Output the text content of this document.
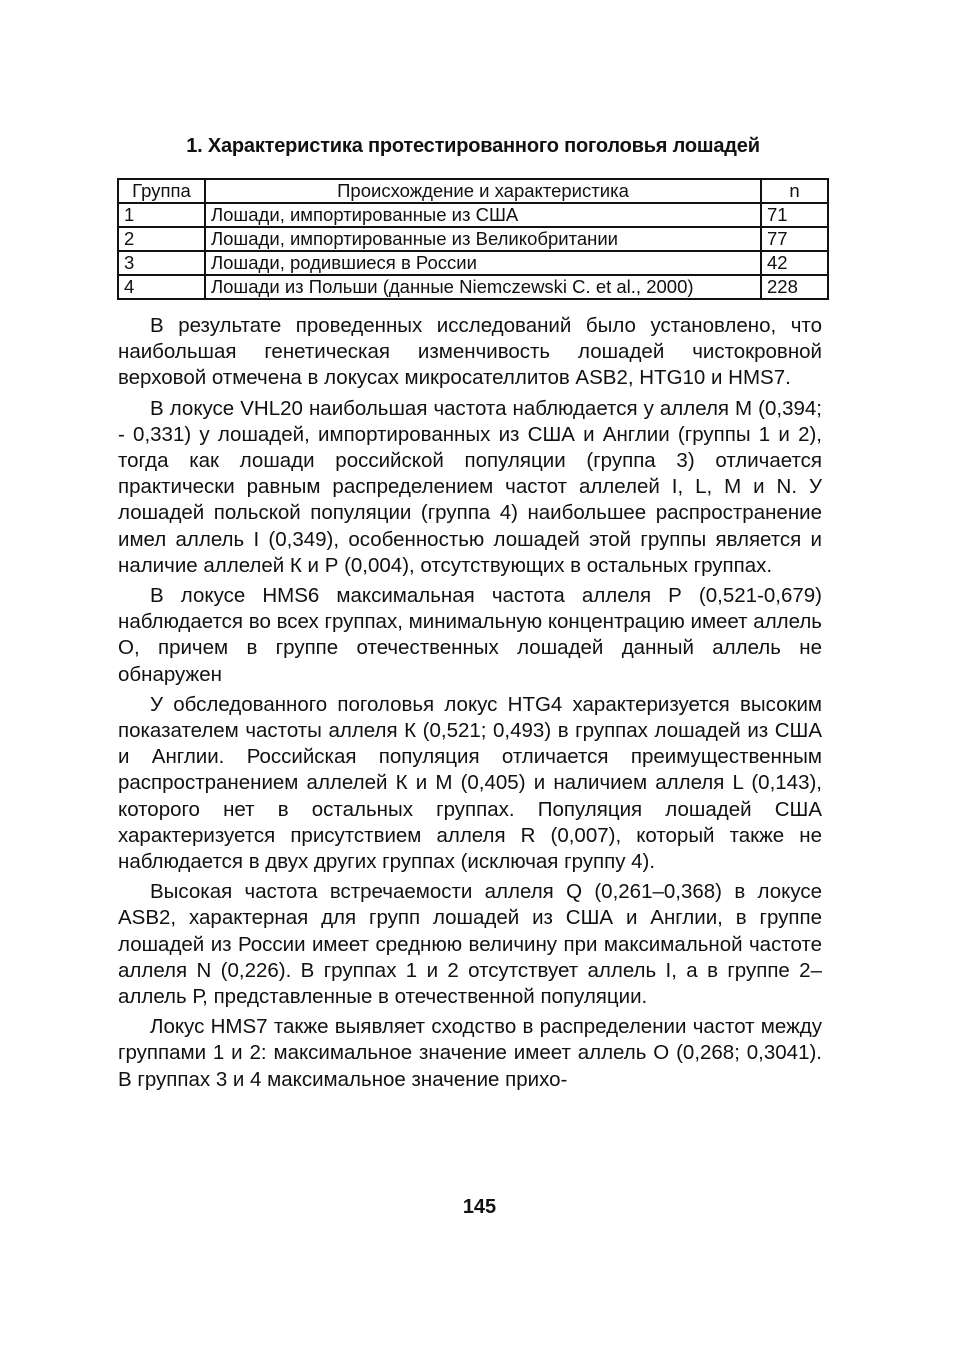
1. Характеристика протестированного поголовья лошадей
Группа	Происхождение и характеристика	n
1	Лошади, импортированные из США	71
2	Лошади, импортированные из Великобритании	77
3	Лошади, родившиеся в России	42
4	Лошади из Польши (данные Niemczewski C. et al., 2000)	228

В результате проведенных исследований было установлено, что наибольшая генетическая изменчивость лошадей чистокровной верховой отмечена в локусах микросателлитов ASB2, HTG10 и HMS7.

В локусе VHL20 наибольшая частота наблюдается у аллеля M (0,394; - 0,331) у лошадей, импортированных из США и Англии (группы 1 и 2), тогда как лошади российской популяции (группа 3) отличается практически равным распределением частот аллелей I, L, M и N. У лошадей польской популяции (группа 4) наибольшее распространение имел аллель I (0,349), особенностью лошадей этой группы является и наличие аллелей К и Р (0,004), отсутствующих в остальных группах.

В локусе HMS6 максимальная частота аллеля Р (0,521-0,679) наблюдается во всех группах, минимальную концентрацию имеет аллель О, причем в группе отечественных лошадей данный аллель не обнаружен

У обследованного поголовья локус HTG4 характеризуется высоким показателем частоты аллеля К (0,521; 0,493) в группах лошадей из США и Англии. Российская популяция отличается преимущественным распространением аллелей К и М (0,405) и наличием аллеля L (0,143), которого нет в остальных группах. Популяция лошадей США характеризуется присутствием аллеля R (0,007), который также не наблюдается в двух других группах (исключая группу 4).

Высокая частота встречаемости аллеля Q (0,261–0,368) в локусе ASB2, характерная для групп лошадей из США и Англии, в группе лошадей из России имеет среднюю величину при максимальной частоте аллеля N (0,226). В группах 1 и 2 отсутствует аллель I, а в группе 2– аллель Р, представленные в отечественной популяции.

Локус HMS7 также выявляет сходство в распределении частот между группами 1 и 2: максимальное значение имеет аллель О (0,268; 0,3041). В группах 3 и 4 максимальное значение прихо-

145
